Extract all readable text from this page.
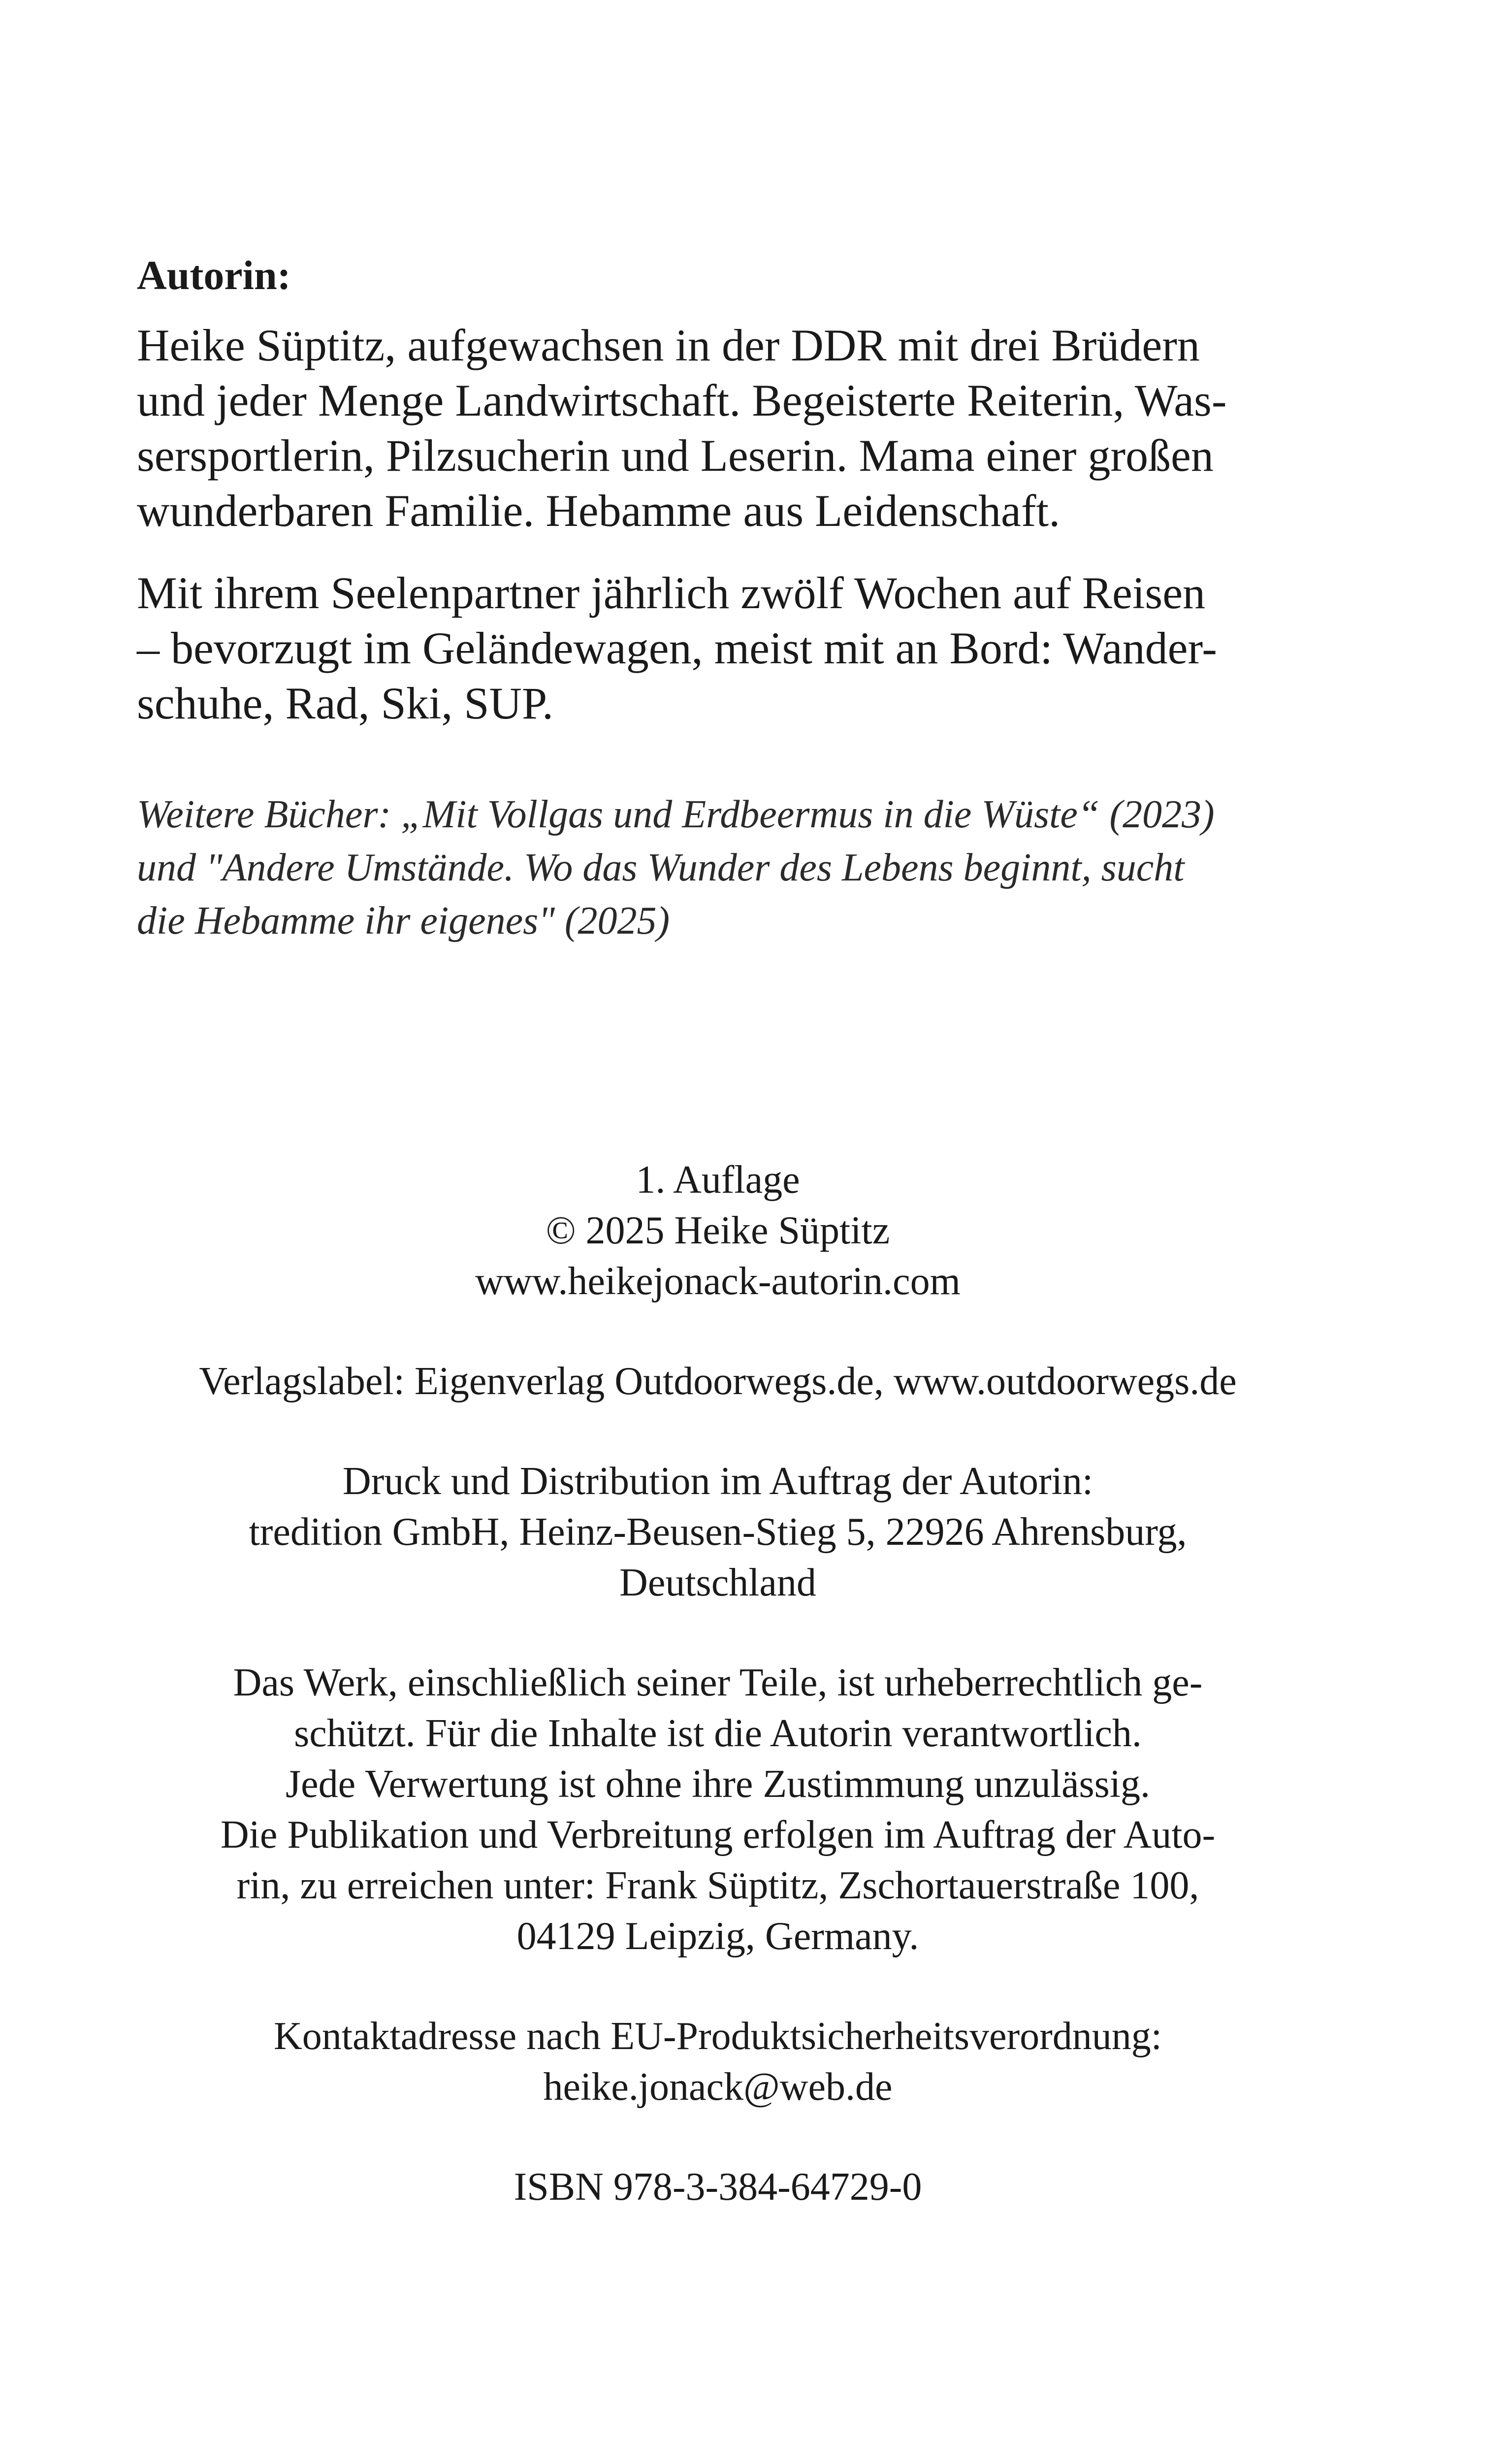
Autorin:
Heike Süptitz, aufgewachsen in der DDR mit drei Brüdern
und jeder Menge Landwirtschaft. Begeisterte Reiterin, Was-
sersportlerin, Pilzsucherin und Leserin. Mama einer großen
wunderbaren Familie. Hebamme aus Leidenschaft.
Mit ihrem Seelenpartner jährlich zwölf Wochen auf Reisen
– bevorzugt im Geländewagen, meist mit an Bord: Wander-
schuhe, Rad, Ski, SUP.
Weitere Bücher: „Mit Vollgas und Erdbeermus in die Wüste“ (2023)
und "Andere Umstände. Wo das Wunder des Lebens beginnt, sucht
die Hebamme ihr eigenes" (2025)
1. Auflage
© 2025 Heike Süptitz
www.heikejonack-autorin.com
Verlagslabel: Eigenverlag Outdoorwegs.de, www.outdoorwegs.de
Druck und Distribution im Auftrag der Autorin:
tredition GmbH, Heinz-Beusen-Stieg 5, 22926 Ahrensburg,
Deutschland
Das Werk, einschließlich seiner Teile, ist urheberrechtlich ge-
schützt. Für die Inhalte ist die Autorin verantwortlich.
Jede Verwertung ist ohne ihre Zustimmung unzulässig.
Die Publikation und Verbreitung erfolgen im Auftrag der Auto-
rin, zu erreichen unter: Frank Süptitz, Zschortauerstraße 100,
04129 Leipzig, Germany.
Kontaktadresse nach EU-Produktsicherheitsverordnung:
heike.jonack@web.de
ISBN 978-3-384-64729-0
